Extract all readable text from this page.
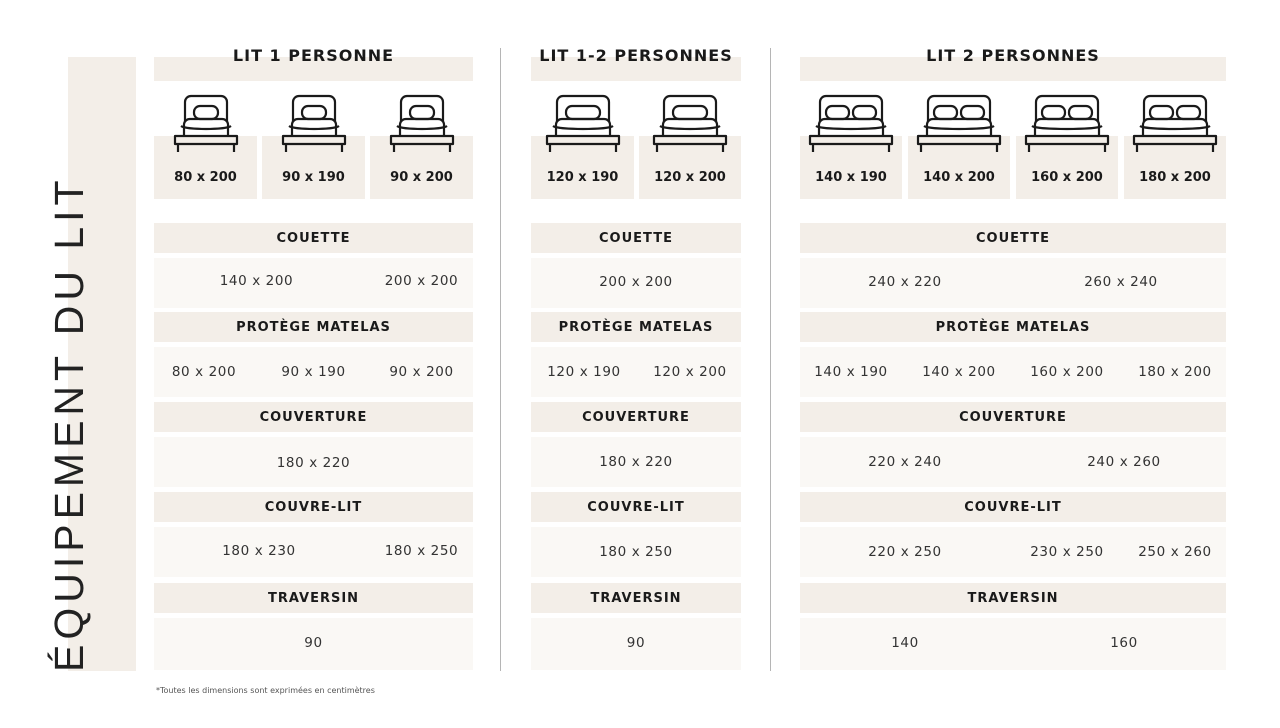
ÉQUIPEMENT DU LIT
LIT 1 PERSONNE
80 x 200	90 x 190	90 x 200
COUETTE
140 x 200	200 x 200
PROTÈGE MATELAS
80 x 200	90 x 190	90 x 200
COUVERTURE
180 x 220
COUVRE-LIT
180 x 230	180 x 250
TRAVERSIN
90
LIT 1-2 PERSONNES
120 x 190	120 x 200
COUETTE
200 x 200
PROTÈGE MATELAS
120 x 190	120 x 200
COUVERTURE
180 x 220
COUVRE-LIT
180 x 250
TRAVERSIN
90
LIT 2 PERSONNES
140 x 190	140 x 200	160 x 200	180 x 200
COUETTE
240 x 220	260 x 240
PROTÈGE MATELAS
140 x 190	140 x 200	160 x 200	180 x 200
COUVERTURE
220 x 240	240 x 260
COUVRE-LIT
220 x 250	230 x 250	250 x 260
TRAVERSIN
140	160
*Toutes les dimensions sont exprimées en centimètres
